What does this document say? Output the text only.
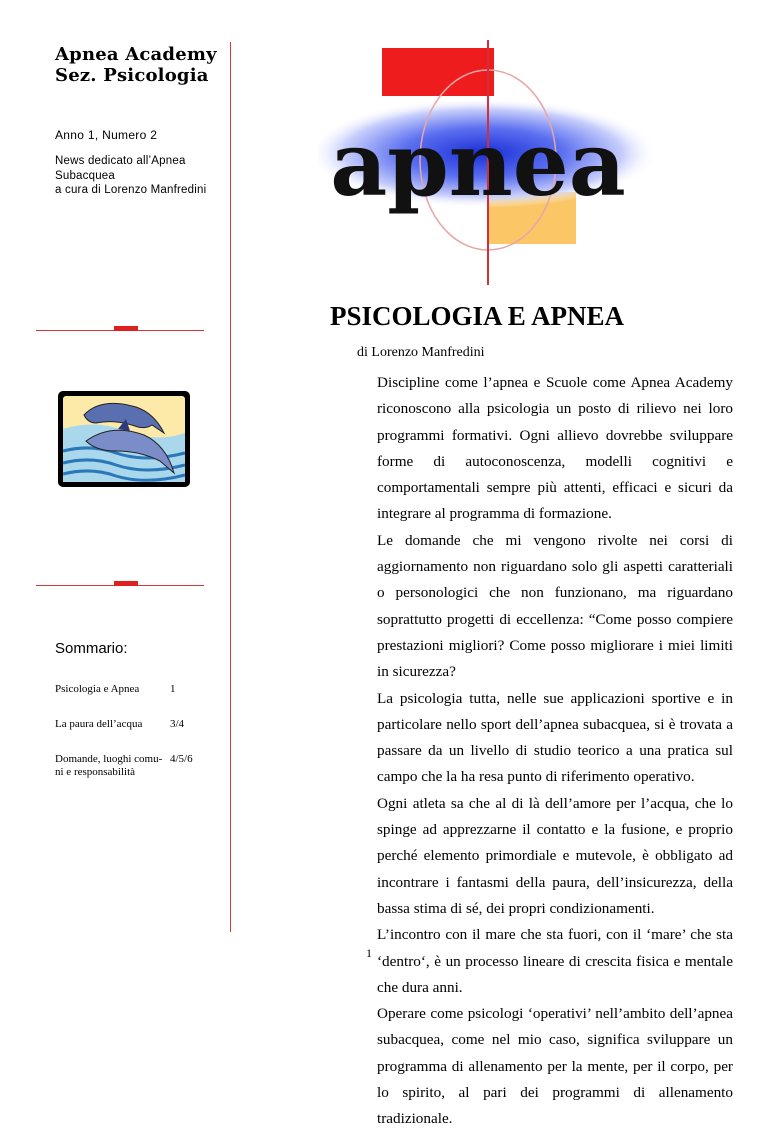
Apnea Academy
Sez. Psicologia
Anno 1, Numero 2
News dedicato all’Apnea
Subacquea
a cura di Lorenzo Manfredini apnea
PSICOLOGIA E APNEA
di Lorenzo Manfredini

Discipline come l’apnea e Scuole come Apnea Academy riconoscono alla psicologia un posto di rilievo nei loro programmi formativi. Ogni allievo dovrebbe sviluppare forme di autoconoscenza, modelli cognitivi e comportamentali sempre più attenti, efficaci e sicuri da integrare al programma di formazione.

Le domande che mi vengono rivolte nei corsi di aggiornamento non riguardano solo gli aspetti caratteriali o personologici che non funzionano, ma riguardano soprattutto progetti di eccellenza: “Come posso compiere prestazioni migliori? Come posso migliorare i miei limiti in sicurezza?

La psicologia tutta, nelle sue applicazioni sportive e in particolare nello sport dell’apnea subacquea, si è trovata a passare da un livello di studio teorico a una pratica sul campo che la ha resa punto di riferimento operativo.

Ogni atleta sa che al di là dell’amore per l’acqua, che lo spinge ad apprezzarne il contatto e la fusione, e proprio perché elemento primordiale e mutevole, è obbligato ad incontrare i fantasmi della paura, dell’insicurezza, della bassa stima di sé, dei propri condizionamenti.

L’incontro con il mare che sta fuori, con il ‘mare’ che sta ‘dentro‘, è un processo lineare di crescita fisica e mentale che dura anni.

Operare come psicologi ‘operativi’ nell’ambito dell’apnea subacquea, come nel mio caso, significa sviluppare un programma di allenamento per la mente, per il corpo, per lo spirito, al pari dei programmi di allenamento tradizionale.

Sommario:
Psicologia e Apnea	1
La paura dell’acqua	3/4
Domande, luoghi comu-ni e responsabilità
4/5/6
1
